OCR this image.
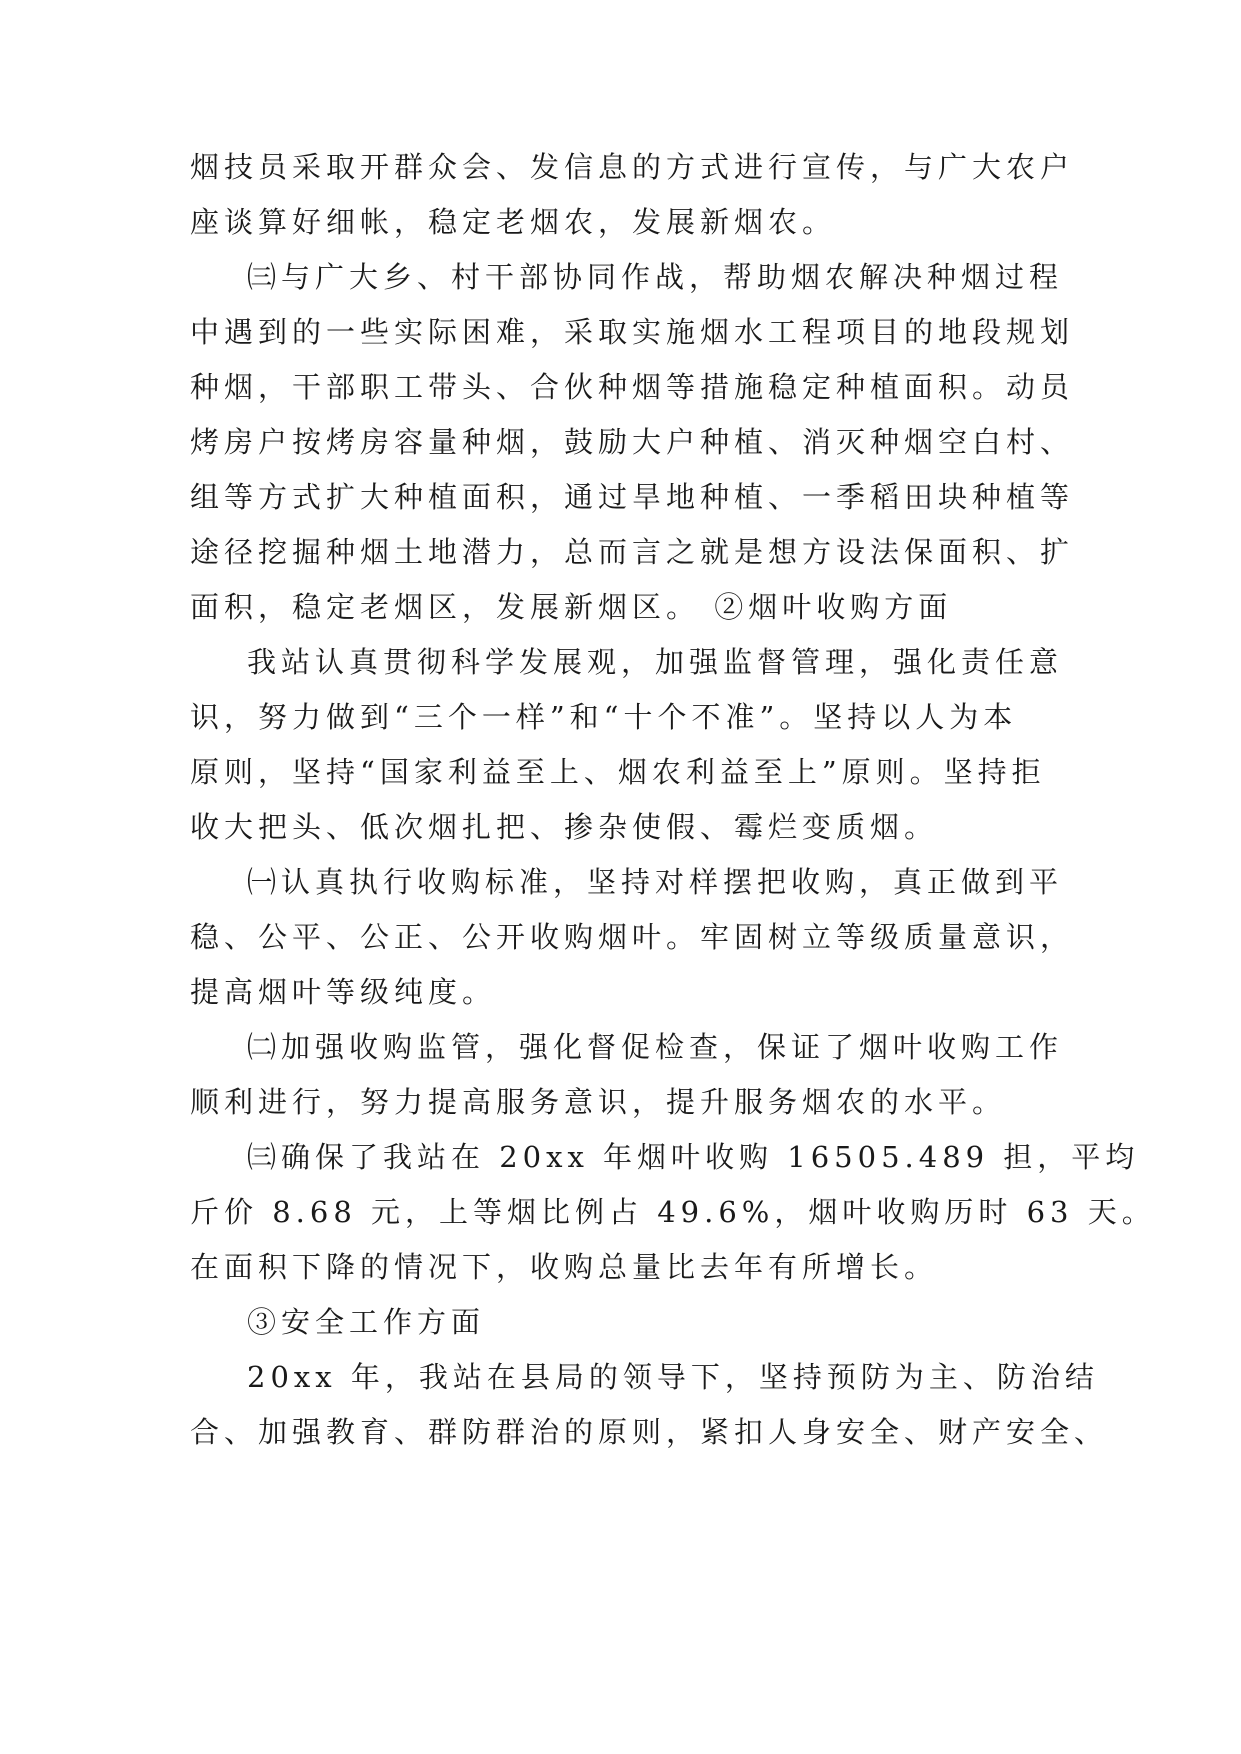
烟技员采取开群众会、发信息的方式进行宣传，与广大农户
座谈算好细帐，稳定老烟农，发展新烟农。
㈢与广大乡、村干部协同作战，帮助烟农解决种烟过程
中遇到的一些实际困难，采取实施烟水工程项目的地段规划
种烟，干部职工带头、合伙种烟等措施稳定种植面积。动员
烤房户按烤房容量种烟，鼓励大户种植、消灭种烟空白村、
组等方式扩大种植面积，通过旱地种植、一季稻田块种植等
途径挖掘种烟土地潜力，总而言之就是想方设法保面积、扩
面积，稳定老烟区，发展新烟区。 ②烟叶收购方面
我站认真贯彻科学发展观，加强监督管理，强化责任意
识，努力做到“三个一样”和“十个不准”。坚持以人为本
原则，坚持“国家利益至上、烟农利益至上”原则。坚持拒
收大把头、低次烟扎把、掺杂使假、霉烂变质烟。
㈠认真执行收购标准，坚持对样摆把收购，真正做到平
稳、公平、公正、公开收购烟叶。牢固树立等级质量意识，
提高烟叶等级纯度。
㈡加强收购监管，强化督促检查，保证了烟叶收购工作
顺利进行，努力提高服务意识，提升服务烟农的水平。
㈢确保了我站在 20xx 年烟叶收购 16505.489 担，平均
斤价 8.68 元，上等烟比例占 49.6%，烟叶收购历时 63 天。
在面积下降的情况下，收购总量比去年有所增长。
③安全工作方面
20xx 年，我站在县局的领导下，坚持预防为主、防治结
合、加强教育、群防群治的原则，紧扣人身安全、财产安全、
